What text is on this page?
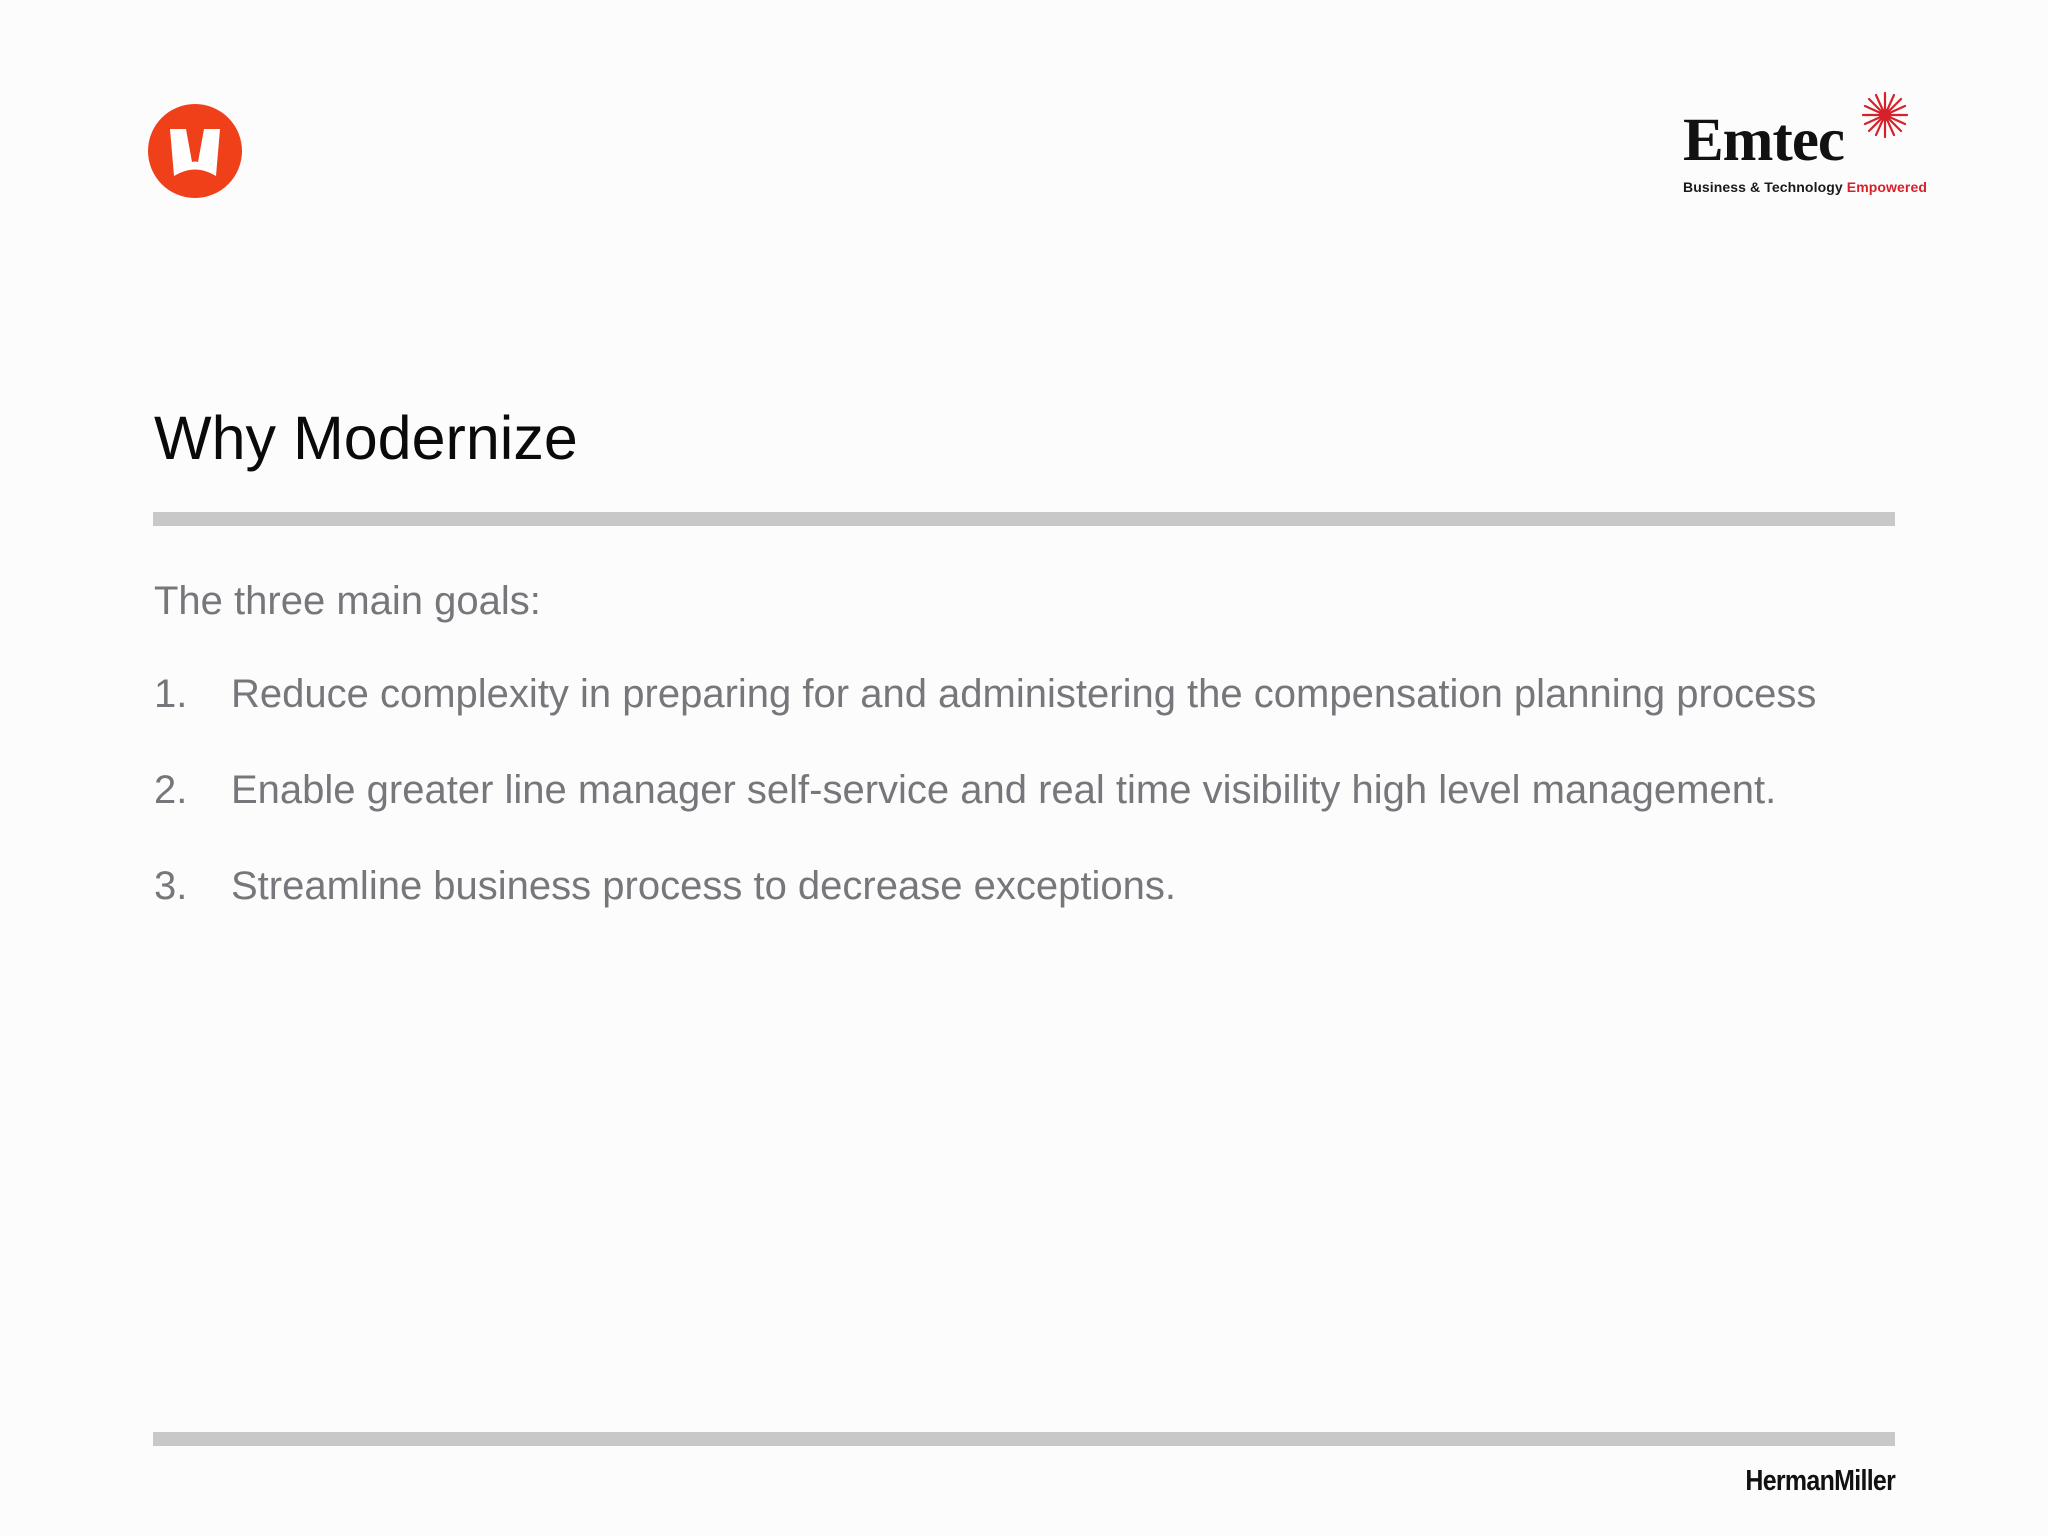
Emtec
Business & Technology Empowered
Why Modernize
The three main goals:
1. Reduce complexity in preparing for and administering the compensation planning process
2. Enable greater line manager self-service and real time visibility high level management.
3. Streamline business process to decrease exceptions.
HermanMiller
